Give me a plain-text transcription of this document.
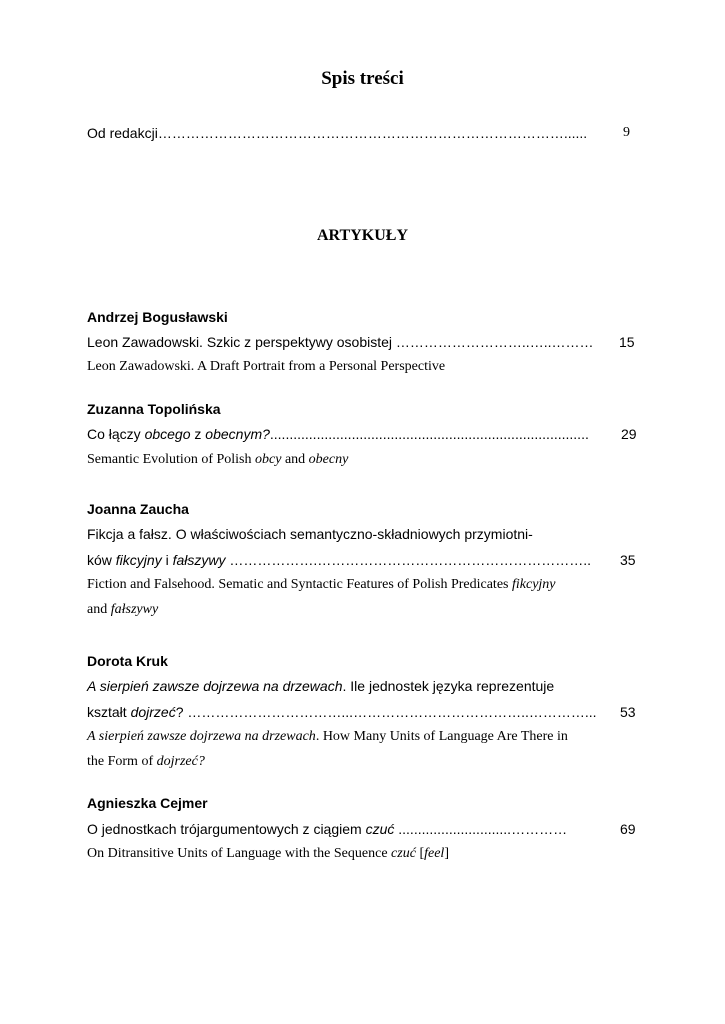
Spis treści
Od redakcji……………………………………………………………………………......	9
ARTYKUŁY
Andrzej Bogusławski
Leon Zawadowski. Szkic z perspektywy osobistej ………………………..…..……… 15
Leon Zawadowski. A Draft Portrait from a Personal Perspective
Zuzanna Topolińska
Co łączy obcego z obecnym?.................................................................................. 29
Semantic Evolution of Polish obcy and obecny
Joanna Zaucha
Fikcja a fałsz. O właściwościach semantyczno-składniowych przymiotni-
ków fikcyjny i fałszywy ……………….………………………………………………….. 35
Fiction and Falsehood. Sematic and Syntactic Features of Polish Predicates fikcyjny
and fałszywy
Dorota Kruk
A sierpień zawsze dojrzewa na drzewach. Ile jednostek języka reprezentuje
kształt dojrzeć? ……………………………...………………………………..…………... 53
A sierpień zawsze dojrzewa na drzewach. How Many Units of Language Are There in
the Form of dojrzeć?
Agnieszka Cejmer
O jednostkach trójargumentowych z ciągiem czuć .............................…………	69
On Ditransitive Units of Language with the Sequence czuć [feel]
